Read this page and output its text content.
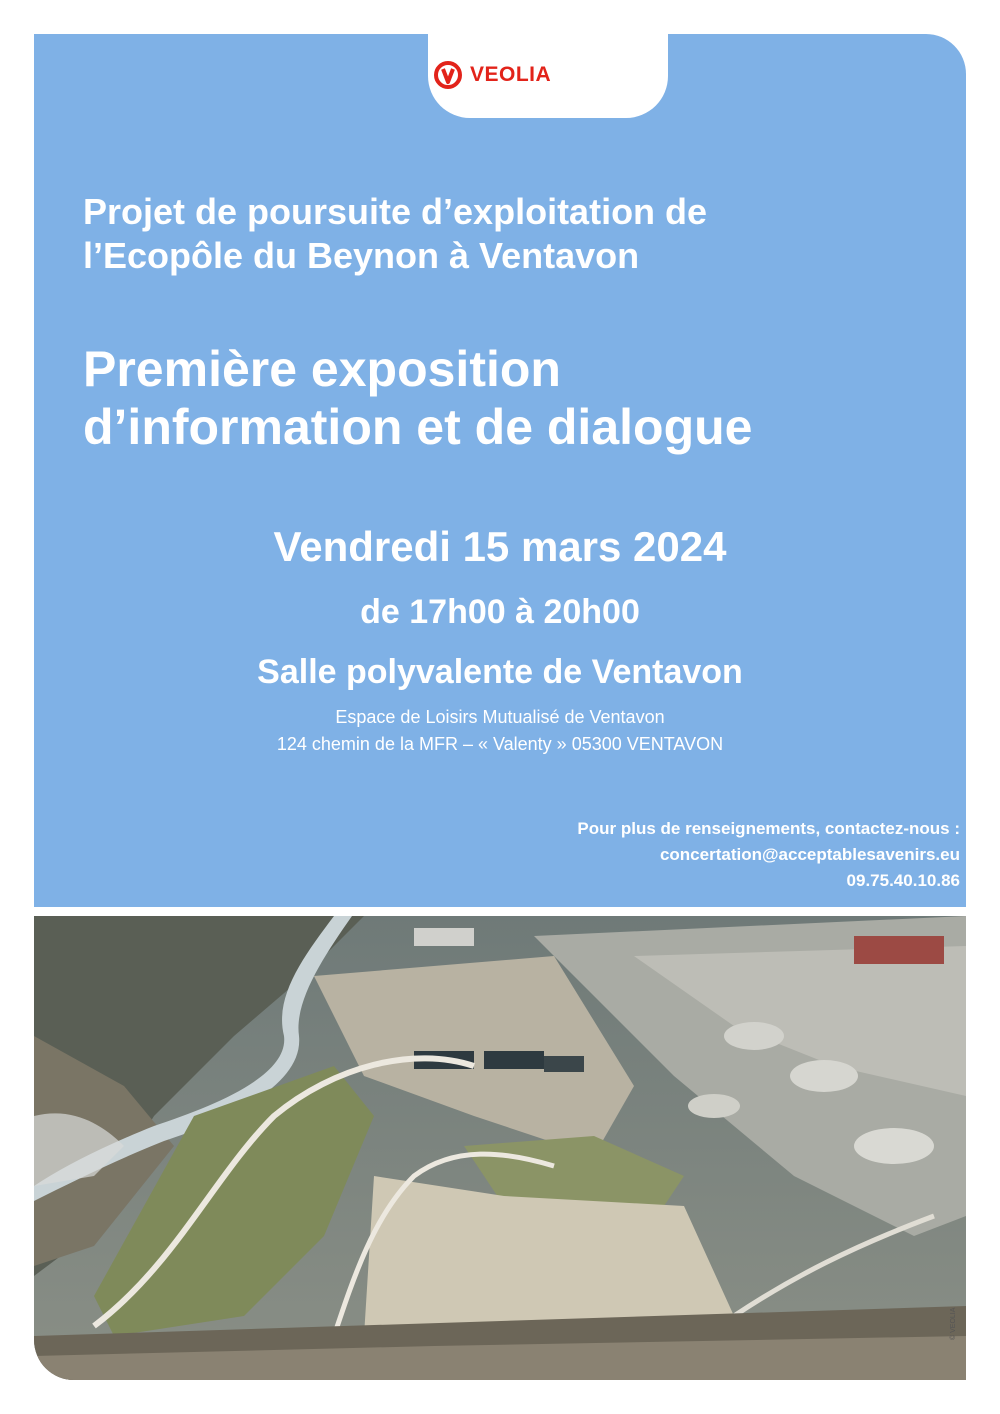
VEOLIA
Projet de poursuite d’exploitation de
l’Ecopôle du Beynon à Ventavon
Première exposition
d’information et de dialogue
Vendredi 15 mars 2024
de 17h00 à 20h00
Salle polyvalente de Ventavon
Espace de Loisirs Mutualisé de Ventavon
124 chemin de la MFR – « Valenty » 05300 VENTAVON
Pour plus de renseignements, contactez-nous :
concertation@acceptablesavenirs.eu
09.75.40.10.86
© VEOLIA
